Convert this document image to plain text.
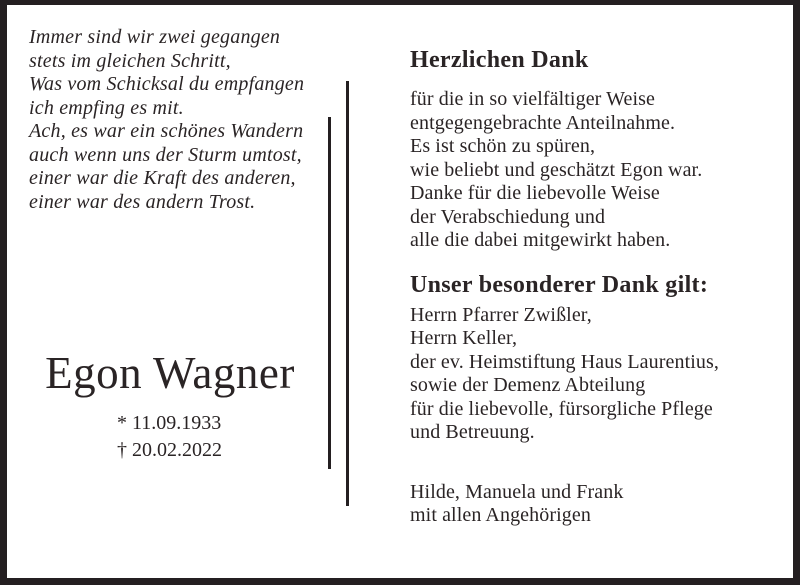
Immer sind wir zwei gegangen
stets im gleichen Schritt,
Was vom Schicksal du empfangen
ich empfing es mit.
Ach, es war ein schönes Wandern
auch wenn uns der Sturm umtost,
einer war die Kraft des anderen,
einer war des andern Trost.
Egon Wagner
* 11.09.1933
† 20.02.2022
Herzlichen Dank
für die in so vielfältiger Weise
entgegengebrachte Anteilnahme.
Es ist schön zu spüren,
wie beliebt und geschätzt Egon war.
Danke für die liebevolle Weise
der Verabschiedung und
alle die dabei mitgewirkt haben.
Unser besonderer Dank gilt:
Herrn Pfarrer Zwißler,
Herrn Keller,
der ev. Heimstiftung Haus Laurentius,
sowie der Demenz Abteilung
für die liebevolle, fürsorgliche Pflege
und Betreuung.
Hilde, Manuela und Frank
mit allen Angehörigen
